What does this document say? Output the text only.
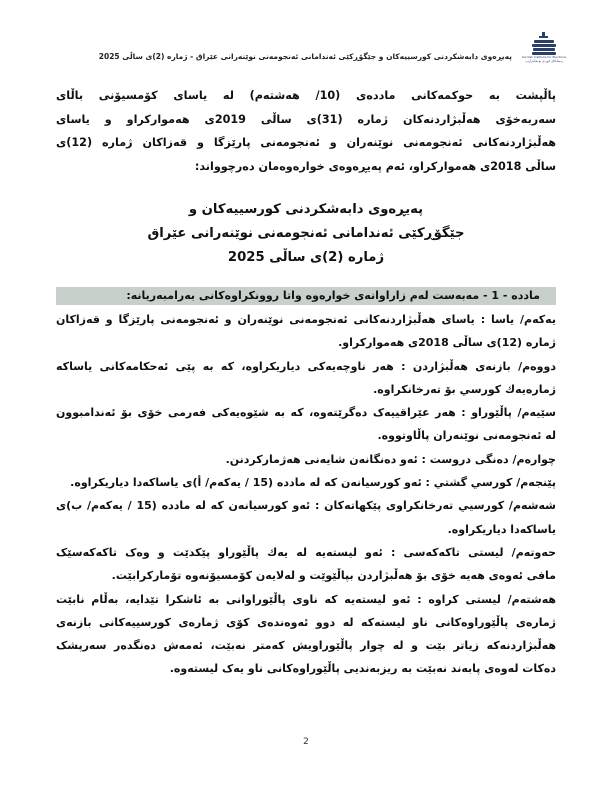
Kurdish Institute for Elections
پەیمانگای کوردی بۆ هەڵبژاردن
پەیڕەوی دابەشکردنی کورسییەکان و جێگۆڕکێی ئەندامانی ئەنجومەنی نوێنەرانی عێراق - ژمارە (2)ی ساڵی 2025

پاڵپشت بە حوکمەکانی ماددەی (10/ هەشتەم) لە یاسای کۆمسیۆنی باڵای
سەربەخۆی هەڵبژاردنەکان ژمارە (31)ی ساڵی 2019ی هەموارکراو و یاسای
هەڵبژاردنەکانی ئەنجومەنی نوێنەران و ئەنجومەنی پارێزگا و قەزاکان ژمارە (12)ی
ساڵی 2018ی هەموارکراو، ئەم پەیڕەوەی خوارەوەمان دەرچوواند:

پەیڕەوی دابەشکردنی کورسییەکان و
جێگۆڕکێی ئەندامانی ئەنجومەنی نوێنەرانی عێراق
ژمارە (2)ی ساڵی 2025
ماددە - 1 - مەبەست لەم زاراوانەی خوارەوە واتا روونکراوەکانی بەرامبەریانە:

یەکەم/ یاسا : یاسای هەڵبژاردنەکانی ئەنجومەنی نوێنەران و ئەنجومەنی پارێزگا و قەزاکان
ژمارە (12)ی ساڵی 2018ی هەموارکراو.

دووەم/ بازنەی هەڵبژاردن : هەر ناوچەیەکی دیاریکراوە، کە بە پێی ئەحکامەکانی یاساکە
ژمارەیەك كورسي بۆ تەرخانکراوە.

سێیەم/ پاڵێوراو : هەر عێراقییەک دەگرێتەوە، کە بە شێوەیەکی فەرمی خۆی بۆ ئەندامبوون
لە ئەنجومەنی نوێنەران پاڵاوتووە.

چوارەم/ دەنگی دروست : ئەو دەنگانەن شایەنی هەژمارکردنن.

پێنجەم/ كورسي گشتي : ئەو کورسیانەن کە لە ماددە (15 / یەکەم/ أ)ی یاساکەدا دیاریکراوە.

شەشەم/ كورسيي تەرخانکراوی پێکهاتەکان : ئەو کورسیانەن کە لە ماددە (15 / یەکەم/ ب)ی
یاساکەدا دیاریکراوە.

حەوتەم/ لیستی تاکەکەسی : ئەو لیستەیە لە یەك پاڵێوراو پێکدێت و وەک تاکەکەسێک
مافی ئەوەی هەیە خۆی بۆ هەڵبژاردن بپاڵێوێت و لەلایەن کۆمسیۆنەوە تۆمارکرابێت.

هەشتەم/ لیستی کراوە : ئەو لیستەیە کە ناوی پاڵێوراوانی بە ئاشکرا تێدایە، بەڵام نابێت
ژمارەی پاڵێوراوەکانی ناو لیستەکە لە دوو ئەوەندەی کۆی ژمارەی کورسییەکانی بازنەی
هەڵبژاردنەکە زیاتر بێت و لە چوار پاڵێوراویش کەمتر نەبێت، ئەمەش دەنگدەر سەرپشک
دەکات لەوەی پابەند نەبێت بە ریزبەندیی پاڵێوراوەکانی ناو یەک لیستەوە.

2
